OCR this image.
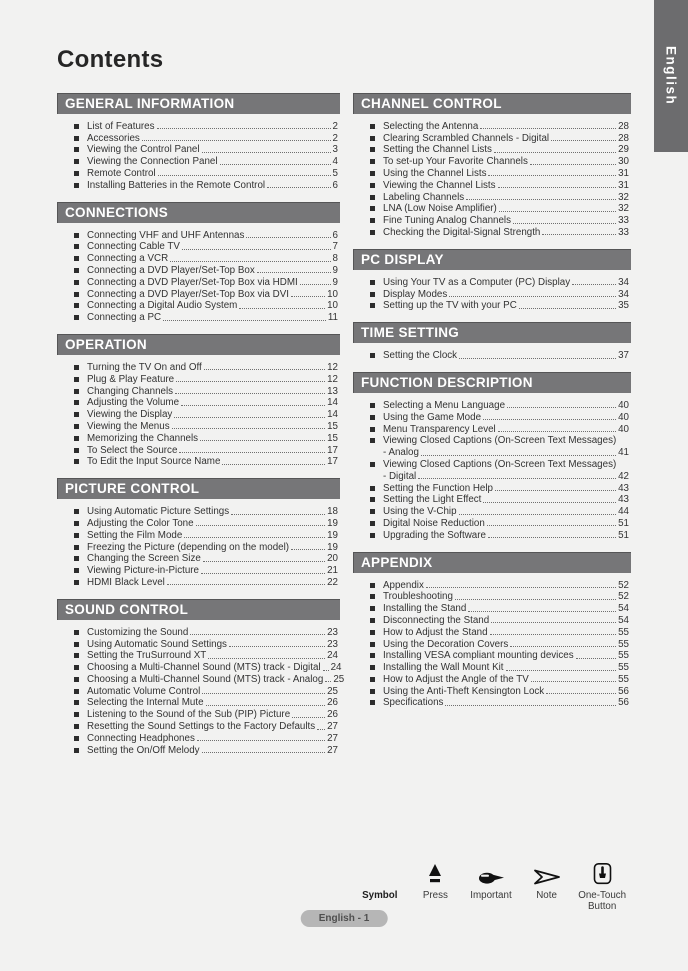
English
Contents
GENERAL INFORMATION
List of Features	2
Accessories	2
Viewing the Control Panel	3
Viewing the Connection Panel	4
Remote Control	5
Installing Batteries in the Remote Control	6
CONNECTIONS
Connecting VHF and UHF Antennas	6
Connecting Cable TV	7
Connecting a VCR	8
Connecting a DVD Player/Set-Top Box	9
Connecting a DVD Player/Set-Top Box via HDMI	9
Connecting a DVD Player/Set-Top Box via DVI	10
Connecting a Digital Audio System	10
Connecting a PC	11
OPERATION
Turning the TV On and Off	12
Plug & Play Feature	12
Changing Channels	13
Adjusting the Volume	14
Viewing the Display	14
Viewing the Menus	15
Memorizing the Channels	15
To Select the Source	17
To Edit the Input Source Name	17
PICTURE CONTROL
Using Automatic Picture Settings	18
Adjusting the Color Tone	19
Setting the Film Mode	19
Freezing the Picture (depending on the model)	19
Changing the Screen Size	20
Viewing Picture-in-Picture	21
HDMI Black Level	22
SOUND CONTROL
Customizing the Sound	23
Using Automatic Sound Settings	23
Setting the TruSurround XT	24
Choosing a Multi-Channel Sound (MTS) track - Digital 24
Choosing a Multi-Channel Sound (MTS) track - Analog 25
Automatic Volume Control	25
Selecting the Internal Mute	26
Listening to the Sound of the Sub (PIP) Picture	26
Resetting the Sound Settings to the Factory Defaults 27
Connecting Headphones	27
Setting the On/Off Melody	27
CHANNEL CONTROL
Selecting the Antenna	28
Clearing Scrambled Channels - Digital	28
Setting the Channel Lists	29
To set-up Your Favorite Channels	30
Using the Channel Lists	31
Viewing the Channel Lists	31
Labeling Channels	32
LNA (Low Noise Amplifier)	32
Fine Tuning Analog Channels	33
Checking the Digital-Signal Strength	33
PC DISPLAY
Using Your TV as a Computer (PC) Display	34
Display Modes	34
Setting up the TV with your PC	35
TIME SETTING
Setting the Clock	37
FUNCTION DESCRIPTION
Selecting a Menu Language	40
Using the Game Mode	40
Menu Transparency Level	40
Viewing Closed Captions (On-Screen Text Messages)
- Analog	41
Viewing Closed Captions (On-Screen Text Messages)
- Digital	42
Setting the Function Help	43
Setting the Light Effect	43
Using the V-Chip	44
Digital Noise Reduction	51
Upgrading the Software	51
APPENDIX
Appendix	52
Troubleshooting	52
Installing the Stand	54
Disconnecting the Stand	54
How to Adjust the Stand	55
Using the Decoration Covers	55
Installing VESA compliant mounting devices	55
Installing the Wall Mount Kit	55
How to Adjust the Angle of the TV	55
Using the Anti-Theft Kensington Lock	56
Specifications	56
Symbol	Press Important	Note	One-Touch Button
English - 1
